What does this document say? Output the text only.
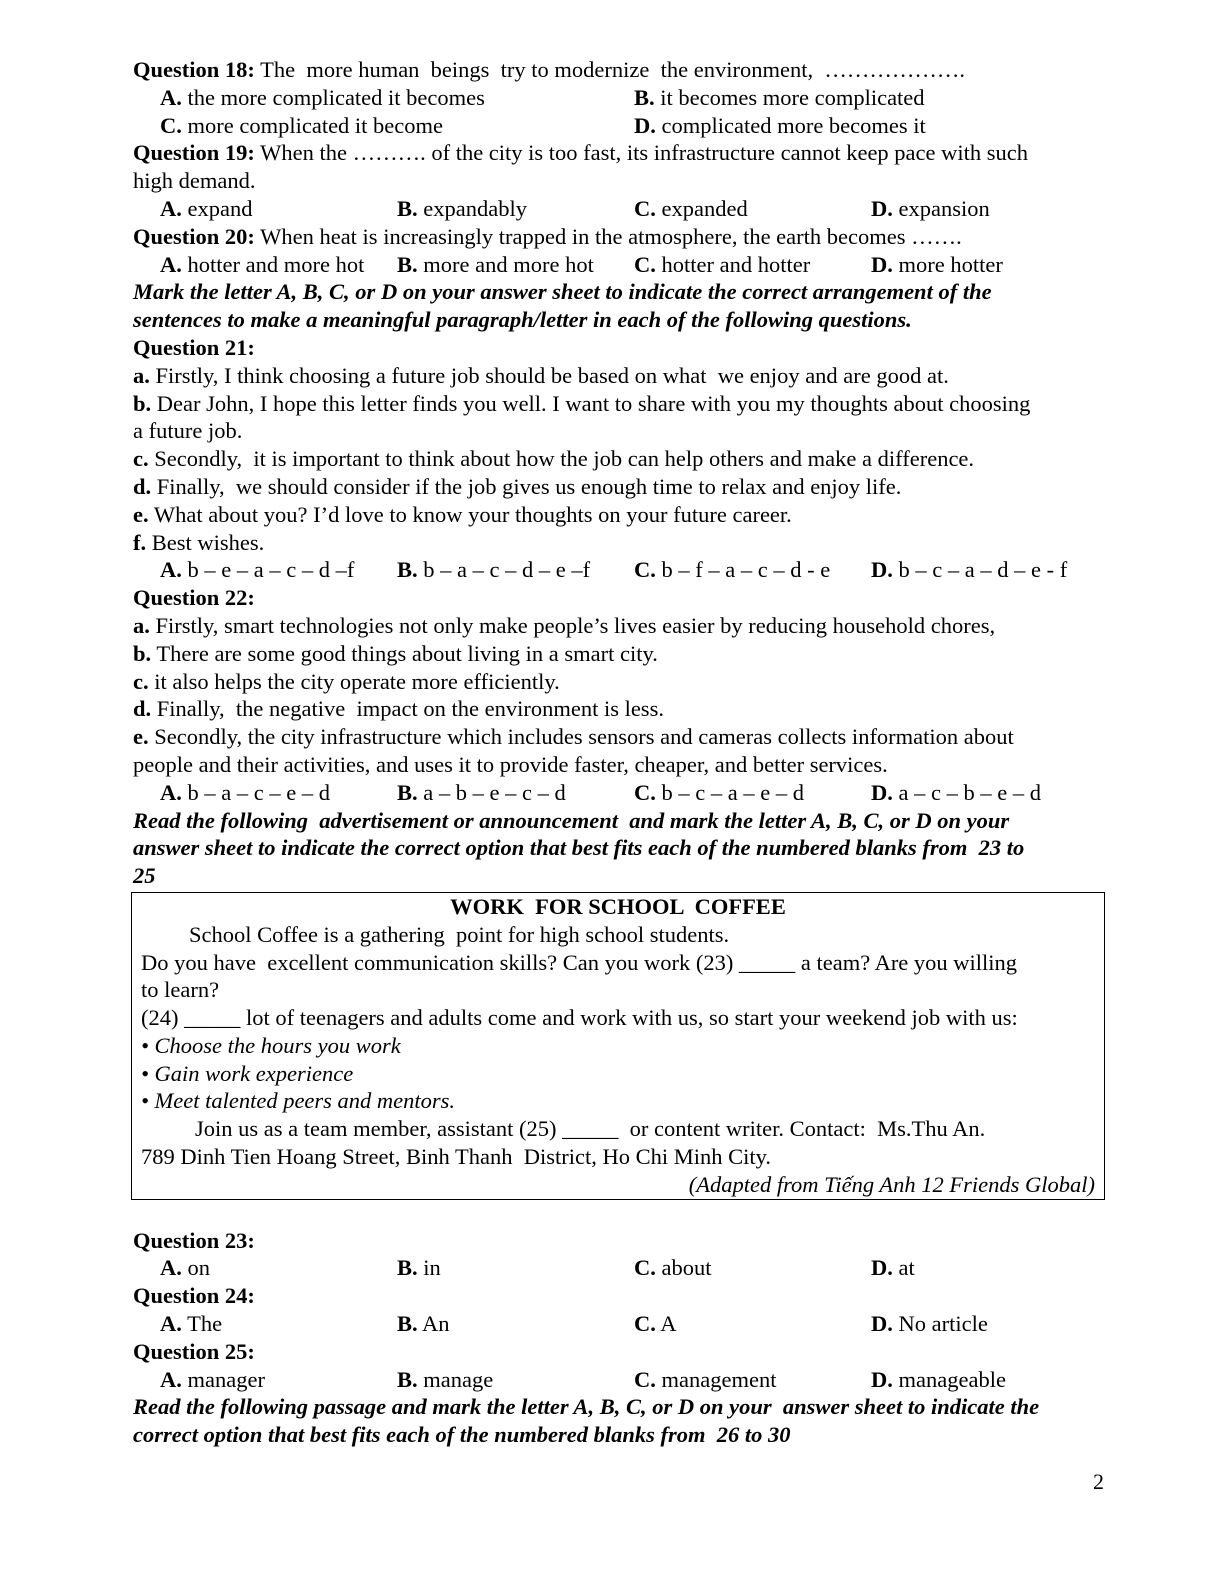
Question 18: The  more human  beings  try to modernize  the environment,  ……………….
A. the more complicated it becomes	B. it becomes more complicated
C. more complicated it become	D. complicated more becomes it
Question 19: When the ………. of the city is too fast, its infrastructure cannot keep pace with such
high demand.
A. expand	B. expandably	C. expanded	D. expansion
Question 20: When heat is increasingly trapped in the atmosphere, the earth becomes …….
A. hotter and more hot	B. more and more hot	C. hotter and hotter	D. more hotter
Mark the letter A, B, C, or D on your answer sheet to indicate the correct arrangement of the
sentences to make a meaningful paragraph/letter in each of the following questions.
Question 21:
a. Firstly, I think choosing a future job should be based on what  we enjoy and are good at.
b. Dear John, I hope this letter finds you well. I want to share with you my thoughts about choosing
a future job.
c. Secondly,  it is important to think about how the job can help others and make a difference.
d. Finally,  we should consider if the job gives us enough time to relax and enjoy life.
e. What about you? I’d love to know your thoughts on your future career.
f. Best wishes.
A. b – e – a – c – d –f	B. b – a – c – d – e –f	C. b – f – a – c – d - e	D. b – c – a – d – e - f
Question 22:
a. Firstly, smart technologies not only make people’s lives easier by reducing household chores,
b. There are some good things about living in a smart city.
c. it also helps the city operate more efficiently.
d. Finally,  the negative  impact on the environment is less.
e. Secondly, the city infrastructure which includes sensors and cameras collects information about
people and their activities, and uses it to provide faster, cheaper, and better services.
A. b – a – c – e – d	B. a – b – e – c – d	C. b – c – a – e – d	D. a – c – b – e – d
Read the following  advertisement or announcement  and mark the letter A, B, C, or D on your
answer sheet to indicate the correct option that best fits each of the numbered blanks from  23 to
25
WORK  FOR SCHOOL  COFFEE
School Coffee is a gathering  point for high school students.
Do you have  excellent communication skills? Can you work (23) _____ a team? Are you willing
to learn?
(24) _____ lot of teenagers and adults come and work with us, so start your weekend job with us:
• Choose the hours you work
• Gain work experience
• Meet talented peers and mentors.
Join us as a team member, assistant (25) _____  or content writer. Contact:  Ms.Thu An.
789 Dinh Tien Hoang Street, Binh Thanh  District, Ho Chi Minh City.
(Adapted from Tiếng Anh 12 Friends Global)
Question 23:
A. on	B. in	C. about	D. at
Question 24:
A. The	B. An	C. A	D. No article
Question 25:
A. manager	B. manage	C. management	D. manageable
Read the following passage and mark the letter A, B, C, or D on your  answer sheet to indicate the
correct option that best fits each of the numbered blanks from  26 to 30
2
